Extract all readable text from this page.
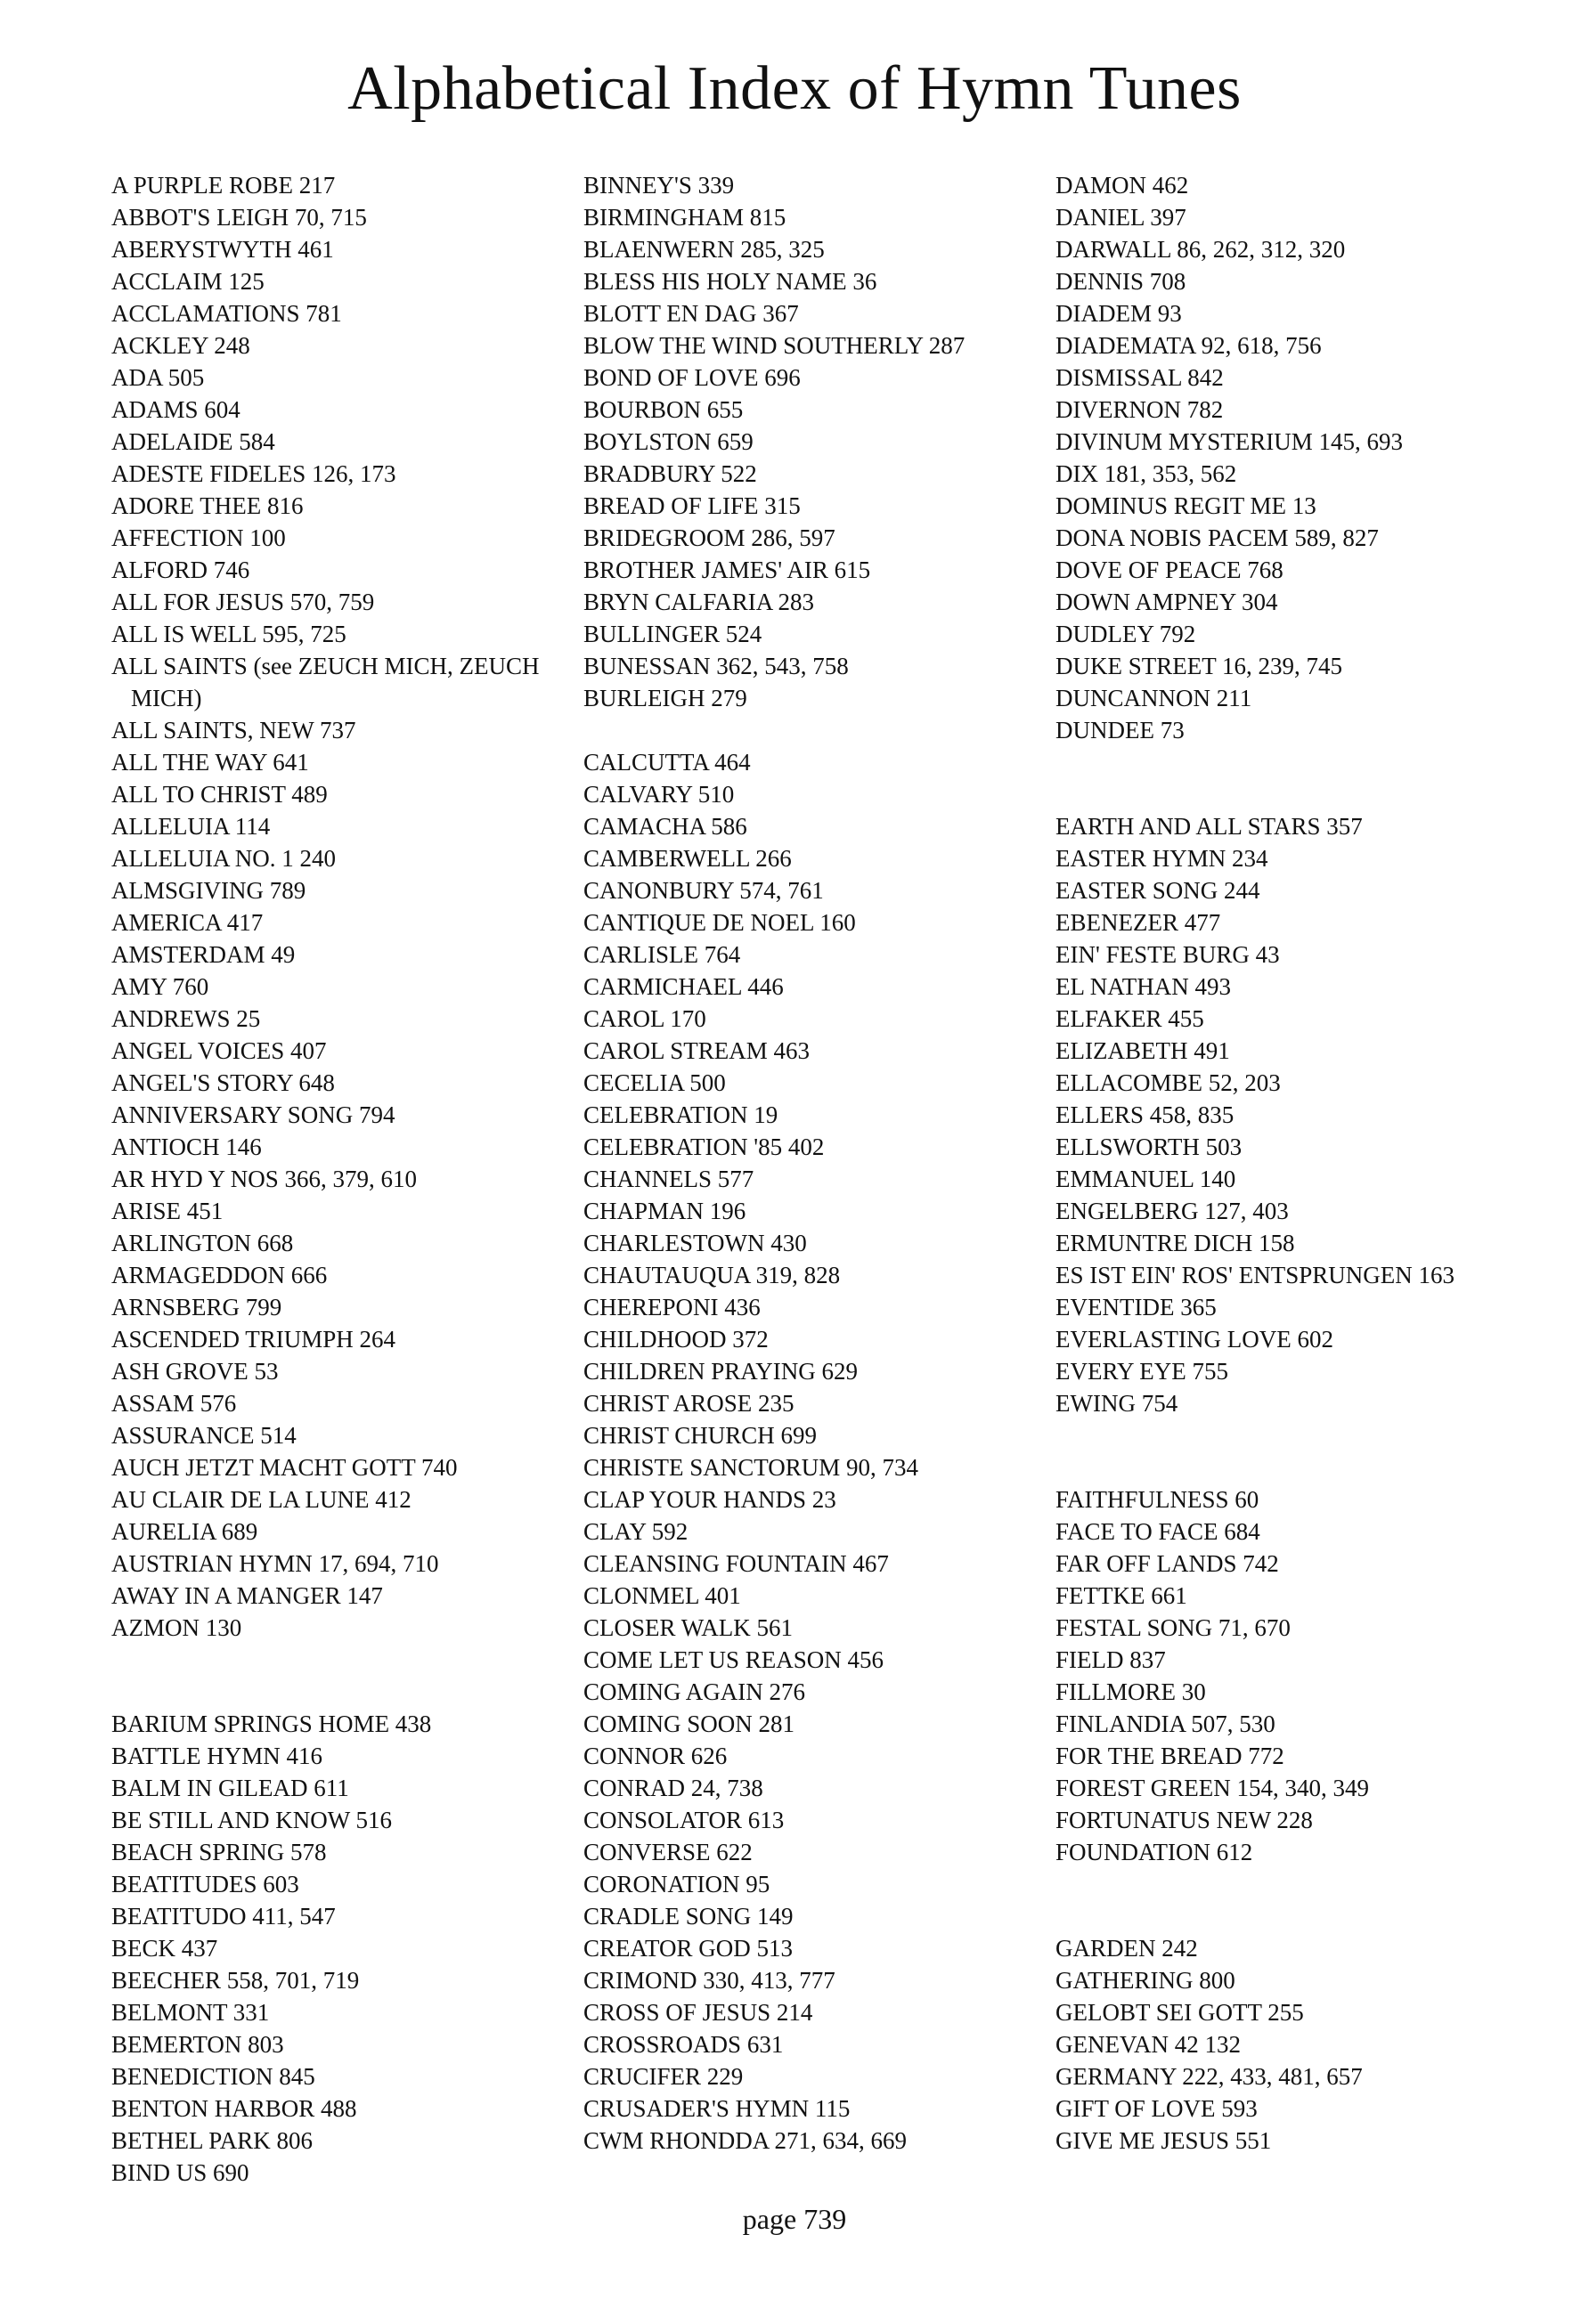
Alphabetical Index of Hymn Tunes
A PURPLE ROBE 217
ABBOT'S LEIGH 70, 715
ABERYSTWYTH 461
ACCLAIM 125
ACCLAMATIONS 781
ACKLEY 248
ADA 505
ADAMS 604
ADELAIDE 584
ADESTE FIDELES 126, 173
ADORE THEE 816
AFFECTION 100
ALFORD 746
ALL FOR JESUS 570, 759
ALL IS WELL 595, 725
ALL SAINTS (see ZEUCH MICH, ZEUCH MICH)
ALL SAINTS, NEW 737
ALL THE WAY 641
ALL TO CHRIST 489
ALLELUIA 114
ALLELUIA NO. 1 240
ALMSGIVING 789
AMERICA 417
AMSTERDAM 49
AMY 760
ANDREWS 25
ANGEL VOICES 407
ANGEL'S STORY 648
ANNIVERSARY SONG 794
ANTIOCH 146
AR HYD Y NOS 366, 379, 610
ARISE 451
ARLINGTON 668
ARMAGEDDON 666
ARNSBERG 799
ASCENDED TRIUMPH 264
ASH GROVE 53
ASSAM 576
ASSURANCE 514
AUCH JETZT MACHT GOTT 740
AU CLAIR DE LA LUNE 412
AURELIA 689
AUSTRIAN HYMN 17, 694, 710
AWAY IN A MANGER 147
AZMON 130
BARIUM SPRINGS HOME 438
BATTLE HYMN 416
BALM IN GILEAD 611
BE STILL AND KNOW 516
BEACH SPRING 578
BEATITUDES 603
BEATITUDO 411, 547
BECK 437
BEECHER 558, 701, 719
BELMONT 331
BEMERTON 803
BENEDICTION 845
BENTON HARBOR 488
BETHEL PARK 806
BIND US 690
BINNEY'S 339
BIRMINGHAM 815
BLAENWERN 285, 325
BLESS HIS HOLY NAME 36
BLOTT EN DAG 367
BLOW THE WIND SOUTHERLY 287
BOND OF LOVE 696
BOURBON 655
BOYLSTON 659
BRADBURY 522
BREAD OF LIFE 315
BRIDEGROOM 286, 597
BROTHER JAMES' AIR 615
BRYN CALFARIA 283
BULLINGER 524
BUNESSAN 362, 543, 758
BURLEIGH 279
CALCUTTA 464
CALVARY 510
CAMACHA 586
CAMBERWELL 266
CANONBURY 574, 761
CANTIQUE DE NOEL 160
CARLISLE 764
CARMICHAEL 446
CAROL 170
CAROL STREAM 463
CECELIA 500
CELEBRATION 19
CELEBRATION '85 402
CHANNELS 577
CHAPMAN 196
CHARLESTOWN 430
CHAUTAUQUA 319, 828
CHEREPONI 436
CHILDHOOD 372
CHILDREN PRAYING 629
CHRIST AROSE 235
CHRIST CHURCH 699
CHRISTE SANCTORUM 90, 734
CLAP YOUR HANDS 23
CLAY 592
CLEANSING FOUNTAIN 467
CLONMEL 401
CLOSER WALK 561
COME LET US REASON 456
COMING AGAIN 276
COMING SOON 281
CONNOR 626
CONRAD 24, 738
CONSOLATOR 613
CONVERSE 622
CORONATION 95
CRADLE SONG 149
CREATOR GOD 513
CRIMOND 330, 413, 777
CROSS OF JESUS 214
CROSSROADS 631
CRUCIFER 229
CRUSADER'S HYMN 115
CWM RHONDDA 271, 634, 669
DAMON 462
DANIEL 397
DARWALL 86, 262, 312, 320
DENNIS 708
DIADEM 93
DIADEMATA 92, 618, 756
DISMISSAL 842
DIVERNON 782
DIVINUM MYSTERIUM 145, 693
DIX 181, 353, 562
DOMINUS REGIT ME 13
DONA NOBIS PACEM 589, 827
DOVE OF PEACE 768
DOWN AMPNEY 304
DUDLEY 792
DUKE STREET 16, 239, 745
DUNCANNON 211
DUNDEE 73
EARTH AND ALL STARS 357
EASTER HYMN 234
EASTER SONG 244
EBENEZER 477
EIN' FESTE BURG 43
EL NATHAN 493
ELFAKER 455
ELIZABETH 491
ELLACOMBE 52, 203
ELLERS 458, 835
ELLSWORTH 503
EMMANUEL 140
ENGELBERG 127, 403
ERMUNTRE DICH 158
ES IST EIN' ROS' ENTSPRUNGEN 163
EVENTIDE 365
EVERLASTING LOVE 602
EVERY EYE 755
EWING 754
FAITHFULNESS 60
FACE TO FACE 684
FAR OFF LANDS 742
FETTKE 661
FESTAL SONG 71, 670
FIELD 837
FILLMORE 30
FINLANDIA 507, 530
FOR THE BREAD 772
FOREST GREEN 154, 340, 349
FORTUNATUS NEW 228
FOUNDATION 612
GARDEN 242
GATHERING 800
GELOBT SEI GOTT 255
GENEVAN 42 132
GERMANY 222, 433, 481, 657
GIFT OF LOVE 593
GIVE ME JESUS 551

page 739
